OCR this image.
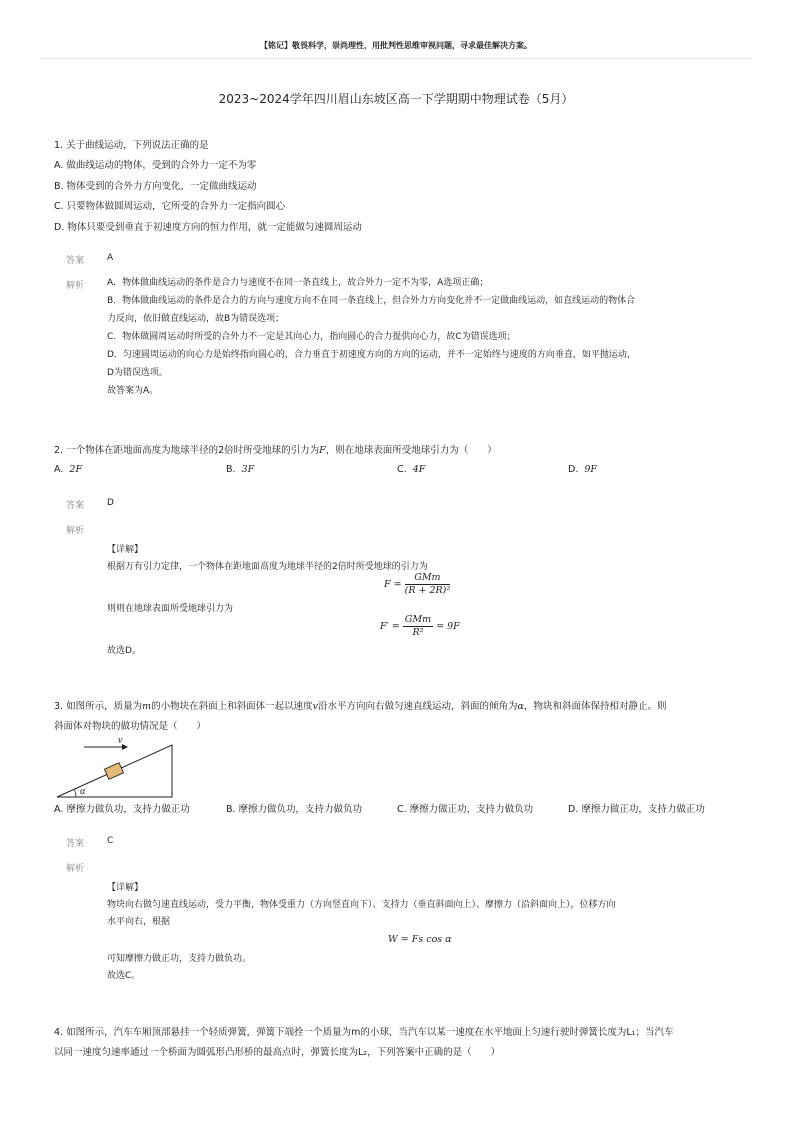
【铭记】敬畏科学，崇尚理性，用批判性思维审视问题，寻求最佳解决方案。
2023~2024学年四川眉山东坡区高一下学期期中物理试卷（5月）
1. 关于曲线运动，下列说法正确的是
A. 做曲线运动的物体，受到的合外力一定不为零
B. 物体受到的合外力方向变化，一定做曲线运动
C. 只要物体做圆周运动，它所受的合外力一定指向圆心
D. 物体只要受到垂直于初速度方向的恒力作用，就一定能做匀速圆周运动
答案	A
解析	A．物体做曲线运动的条件是合力与速度不在同一条直线上，故合外力一定不为零，A选项正确；
B．物体做曲线运动的条件是合力的方向与速度方向不在同一条直线上，但合外力方向变化并不一定做曲线运动，如直线运动的物体合
力反向，依旧做直线运动，故B为错误选项；
C．物体做圆周运动时所受的合外力不一定是其向心力，指向圆心的合力提供向心力，故C为错误选项；
D．匀速圆周运动的向心力是始终指向圆心的，合力垂直于初速度方向的方向的运动，并不一定始终与速度的方向垂直，如平抛运动，
D为错误选项。
故答案为A。
2. 一个物体在距地面高度为地球半径的2倍时所受地球的引力为F，则在地球表面所受地球引力为（　　）
A. 2F	B. 3F	C. 4F	D. 9F
答案	D
解析
【详解】
根据万有引力定律，一个物体在距地面高度为地球半径的2倍时所受地球的引力为
$F = \frac{\text{GMm}}{\text{(R + 2R)²}}$
则则在地球表面所受地球引力为
$F' = \frac{\text{GMm}}{\text{R²}} = 9F$
故选D。
3. 如图所示，质量为m的小物块在斜面上和斜面体一起以速度v沿水平方向向右做匀速直线运动，斜面的倾角为α，物块和斜面体保持相对静止。则
斜面体对物块的做功情况是（　　）
v
α
A. 摩擦力做负功，支持力做正功	B. 摩擦力做负功，支持力做负功	C. 摩擦力做正功，支持力做负功	D. 摩擦力做正功，支持力做正功
答案	C
解析
【详解】
物块向右做匀速直线运动，受力平衡，物体受重力（方向竖直向下）、支持力（垂直斜面向上）、摩擦力（沿斜面向上），位移方向
水平向右，根据
W = Fs cos α
可知摩擦力做正功，支持力做负功。
故选C。
4. 如图所示，汽车车厢顶部悬挂一个轻质弹簧，弹簧下端拴一个质量为m的小球，当汽车以某一速度在水平地面上匀速行驶时弹簧长度为L₁；当汽车
以同一速度匀速率通过一个桥面为圆弧形凸形桥的最高点时，弹簧长度为L₂，下列答案中正确的是（　　）
